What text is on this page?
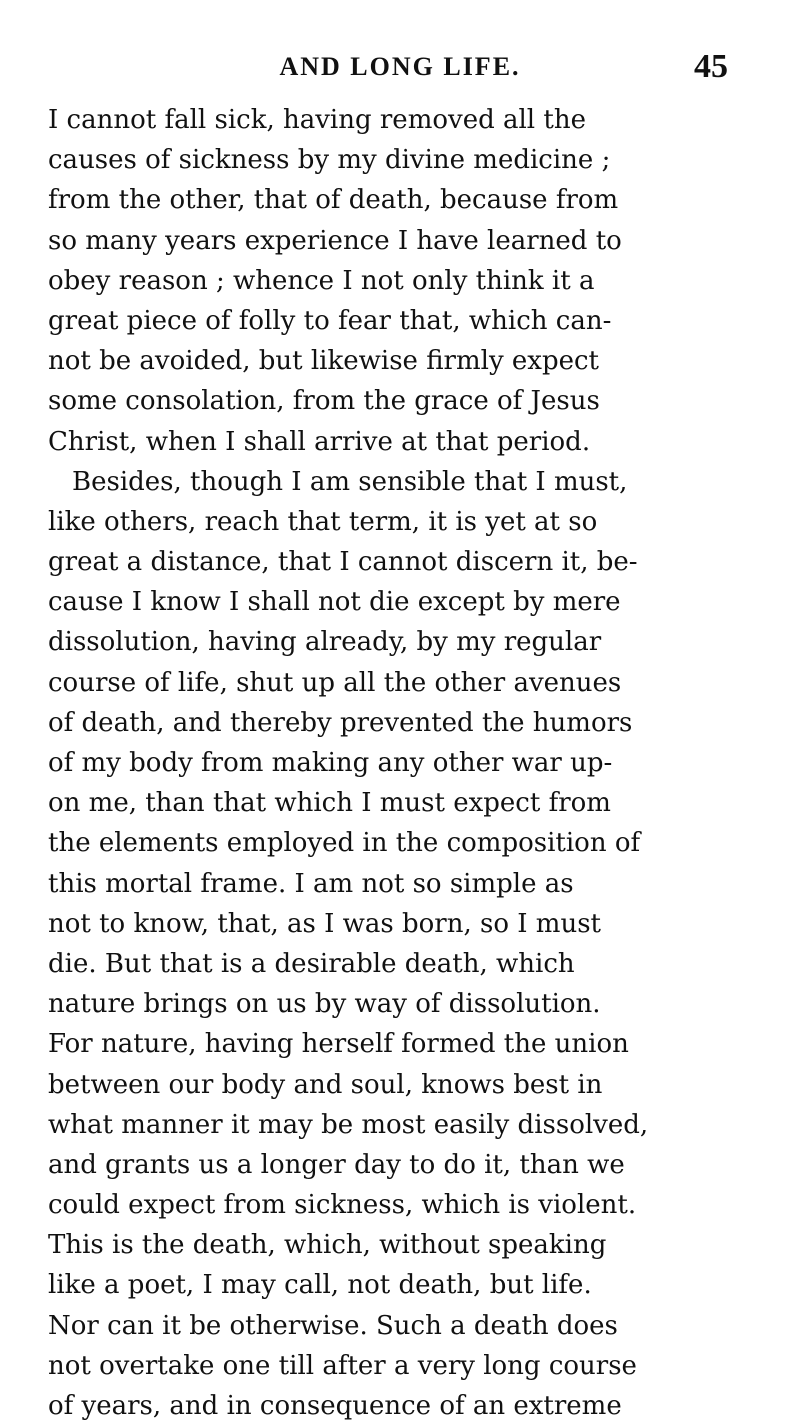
AND LONG LIFE.	45
I cannot fall sick, having removed all the
causes of sickness by my divine medicine ;
from the other, that of death, because from
so many years experience I have learned to
obey reason ; whence I not only think it a
great piece of folly to fear that, which can-
not be avoided, but likewise firmly expect
some consolation, from the grace of Jesus
Christ, when I shall arrive at that period.
Besides, though I am sensible that I must,
like others, reach that term, it is yet at so
great a distance, that I cannot discern it, be-
cause I know I shall not die except by mere
dissolution, having already, by my regular
course of life, shut up all the other avenues
of death, and thereby prevented the humors
of my body from making any other war up-
on me, than that which I must expect from
the elements employed in the composition of
this mortal frame. I am not so simple as
not to know, that, as I was born, so I must
die. But that is a desirable death, which
nature brings on us by way of dissolution.
For nature, having herself formed the union
between our body and soul, knows best in
what manner it may be most easily dissolved,
and grants us a longer day to do it, than we
could expect from sickness, which is violent.
This is the death, which, without speaking
like a poet, I may call, not death, but life.
Nor can it be otherwise. Such a death does
not overtake one till after a very long course
of years, and in consequence of an extreme
